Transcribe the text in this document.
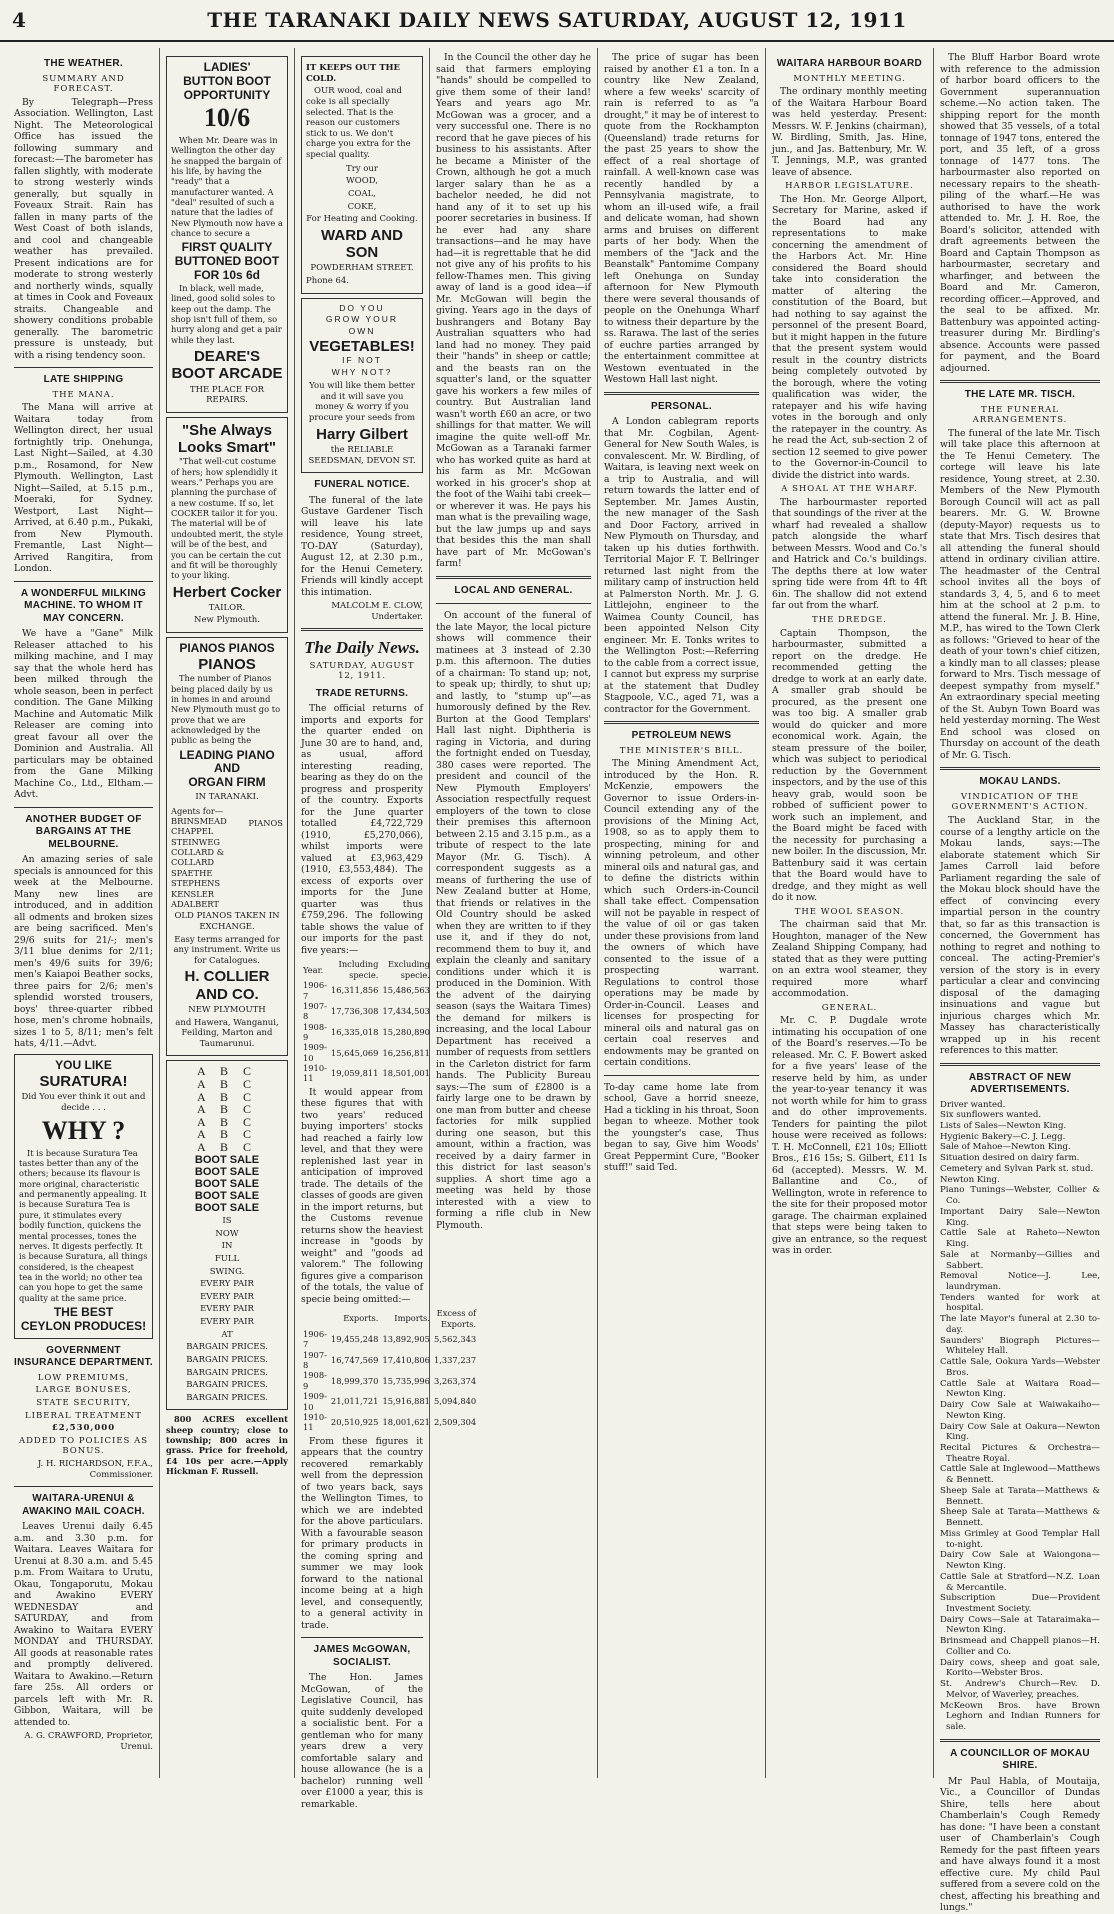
4	THE TARANAKI DAILY NEWS SATURDAY, AUGUST 12, 1911
THE WEATHER.
SUMMARY AND FORECAST.

By Telegraph—Press Association. Wellington, Last Night. The Meteorological Office has issued the following summary and forecast:—The barometer has fallen slightly, with moderate to strong westerly winds generally, but squally in Foveaux Strait. Rain has fallen in many parts of the West Coast of both islands, and cool and changeable weather has prevailed. Present indications are for moderate to strong westerly and northerly winds, squally at times in Cook and Foveaux straits. Changeable and showery conditions probable generally. The barometric pressure is unsteady, but with a rising tendency soon.

LATE SHIPPING
THE MANA.

The Mana will arrive at Waitara today from Wellington direct, her usual fortnightly trip. Onehunga, Last Night—Sailed, at 4.30 p.m., Rosamond, for New Plymouth. Wellington, Last Night—Sailed, at 5.15 p.m., Moeraki, for Sydney. Westport, Last Night—Arrived, at 6.40 p.m., Pukaki, from New Plymouth. Fremantle, Last Night—Arrived Rangitira, from London.

A WONDERFUL MILKING MACHINE. TO WHOM IT MAY CONCERN.

We have a "Gane" Milk Releaser attached to his milking machine, and I may say that the whole herd has been milked through the whole season, been in perfect condition. The Gane Milking Machine and Automatic Milk Releaser are coming into great favour all over the Dominion and Australia. All particulars may be obtained from the Gane Milking Machine Co., Ltd., Eltham.—Advt.

ANOTHER BUDGET OF BARGAINS AT THE MELBOURNE.

An amazing series of sale specials is announced for this week at the Melbourne. Many new lines are introduced, and in addition all odments and broken sizes are being sacrificed. Men's 29/6 suits for 21/-; men's 3/11 blue denims for 2/11; men's 49/6 suits for 39/6; men's Kaiapoi Beather socks, three pairs for 2/6; men's splendid worsted trousers, boys' three-quarter ribbed hose, men's chrome hobnails, sizes 1 to 5, 8/11; men's felt hats, 4/11.—Advt.

YOU LIKE
SURATURA!
Did You ever think it out and decide . . .
WHY ?

It is because Suratura Tea tastes better than any of the others; because its flavour is more original, characteristic and permanently appealing. It is because Suratura Tea is pure, it stimulates every bodily function, quickens the mental processes, tones the nerves. It digests perfectly. It is because Suratura, all things considered, is the cheapest tea in the world; no other tea can you hope to get the same quality at the same price.

THE BEST
CEYLON PRODUCES!
GOVERNMENT INSURANCE DEPARTMENT.
LOW PREMIUMS,
LARGE BONUSES,
STATE SECURITY,
LIBERAL TREATMENT
£2,530,000
ADDED TO POLICIES AS BONUS.
J. H. RICHARDSON, F.F.A., Commissioner.
WAITARA-URENUI & AWAKINO MAIL COACH.

Leaves Urenui daily 6.45 a.m. and 3.30 p.m. for Waitara. Leaves Waitara for Urenui at 8.30 a.m. and 5.45 p.m. From Waitara to Urutu, Okau, Tongaporutu, Mokau and Awakino EVERY WEDNESDAY and SATURDAY, and from Awakino to Waitara EVERY MONDAY and THURSDAY. All goods at reasonable rates and promptly delivered. Waitara to Awakino.—Return fare 25s. All orders or parcels left with Mr. R. Gibbon, Waitara, will be attended to.

A. G. CRAWFORD, Proprietor, Urenui.
LADIES'
BUTTON BOOT
OPPORTUNITY
10/6

When Mr. Deare was in Wellington the other day he snapped the bargain of his life, by having the "ready" that a manufacturer wanted. A "deal" resulted of such a nature that the ladies of New Plymouth now have a chance to secure a

FIRST QUALITY
BUTTONED BOOT
FOR 10s 6d

In black, well made, lined, good solid soles to keep out the damp. The shop isn't full of them, so hurry along and get a pair while they last.

DEARE'S
BOOT ARCADE
THE PLACE FOR REPAIRS.
"She Always
Looks Smart"

"That well-cut costume of hers; how splendidly it wears." Perhaps you are planning the purchase of a new costume. If so, let COCKER tailor it for you. The material will be of undoubted merit, the style will be of the best, and you can be certain the cut and fit will be thoroughly to your liking.

Herbert Cocker
TAILOR.
New Plymouth.
PIANOS PIANOS
PIANOS

The number of Pianos being placed daily by us in homes in and around New Plymouth must go to prove that we are acknowledged by the public as being the

LEADING PIANO AND
ORGAN FIRM
IN TARANAKI.
Agents for—
BRINSMEAD
CHAPPEL
STEINWEG
COLLARD & COLLARD
SPAETHE
STEPHENS
KENSLER
ADALBERT
PIANOS
OLD PIANOS TAKEN IN EXCHANGE.
Easy terms arranged for any instrument. Write us for Catalogues.
H. COLLIER AND CO.
NEW PLYMOUTH
and Hawera, Wanganui, Feilding, Marton and Taumarunui.
A B C
A B C
A B C
A B C
A B C
A B C
A B C
BOOT SALE
BOOT SALE
BOOT SALE
BOOT SALE
BOOT SALE
IS
NOW
IN
FULL
SWING.
EVERY PAIR
EVERY PAIR
EVERY PAIR
EVERY PAIR
AT
BARGAIN PRICES.
BARGAIN PRICES.
BARGAIN PRICES.
BARGAIN PRICES.
BARGAIN PRICES.

800 ACRES excellent sheep country; close to township; 800 acres in grass. Price for freehold, £4 10s per acre.—Apply Hickman F. Russell.

IT KEEPS OUT THE COLD.

OUR wood, coal and coke is all specially selected. That is the reason our customers stick to us. We don't charge you extra for the special quality.

Try our
WOOD,
COAL,
COKE,
For Heating and Cooking.
WARD AND SON
POWDERHAM STREET.
Phone 64.
DO YOU
GROW YOUR
OWN
VEGETABLES!
IF NOT
WHY NOT?
You will like them better and it will save you money & worry if you procure your seeds from
Harry Gilbert
the RELIABLE SEEDSMAN, DEVON ST.
FUNERAL NOTICE.

The funeral of the late Gustave Gardener Tisch will leave his late residence, Young street, TO-DAY (Saturday), August 12, at 2.30 p.m., for the Henui Cemetery. Friends will kindly accept this intimation.

MALCOLM E. CLOW, Undertaker.
The Daily News.
SATURDAY, AUGUST 12, 1911.
TRADE RETURNS.

The official returns of imports and exports for the quarter ended on June 30 are to hand, and, as usual, afford interesting reading, bearing as they do on the progress and prosperity of the country. Exports for the June quarter totalled £4,722,729 (1910, £5,270,066), whilst imports were valued at £3,963,429 (1910, £3,553,484). The excess of exports over imports for the June quarter was thus £759,296. The following table shows the value of our imports for the past five years:—

Year.	Including specie.	Excluding specie.
1906-7	16,311,856	15,486,563
1907-8	17,736,308	17,434,503
1908-9	16,335,018	15,280,890
1909-10	15,645,069	16,256,811
1910-11	19,059,811	18,501,001

It would appear from these figures that with two years' reduced buying importers' stocks had reached a fairly low level, and that they were replenished last year in anticipation of improved trade. The details of the classes of goods are given in the import returns, but the Customs revenue returns show the heaviest increase in "goods by weight" and "goods ad valorem." The following figures give a comparison of the totals, the value of specie being omitted:—

	Exports.	Imports.	Excess of Exports.
1906-7	19,455,248	13,892,905	5,562,343
1907-8	16,747,569	17,410,806	1,337,237
1908-9	18,999,370	15,735,996	3,263,374
1909-10	21,011,721	15,916,881	5,094,840
1910-11	20,510,925	18,001,621	2,509,304

From these figures it appears that the country recovered remarkably well from the depression of two years back, says the Wellington Times, to which we are indebted for the above particulars. With a favourable season for primary products in the coming spring and summer we may look forward to the national income being at a high level, and consequently, to a general activity in trade.

JAMES McGOWAN, SOCIALIST.

The Hon. James McGowan, of the Legislative Council, has quite suddenly developed a socialistic bent. For a gentleman who for many years drew a very comfortable salary and house allowance (he is a bachelor) running well over £1000 a year, this is remarkable.

In the Council the other day he said that farmers employing "hands" should be compelled to give them some of their land! Years and years ago Mr. McGowan was a grocer, and a very successful one. There is no record that he gave pieces of his business to his assistants. After he became a Minister of the Crown, although he got a much larger salary than he as a bachelor needed, he did not hand any of it to set up his poorer secretaries in business. If he ever had any share transactions—and he may have had—it is regrettable that he did not give any of his profits to his fellow-Thames men. This giving away of land is a good idea—if Mr. McGowan will begin the giving. Years ago in the days of bushrangers and Botany Bay Australian squatters who had land had no money. They paid their "hands" in sheep or cattle; and the beasts ran on the squatter's land, or the squatter gave his workers a few miles of country. But Australian land wasn't worth £60 an acre, or two shillings for that matter. We will imagine the quite well-off Mr. McGowan as a Taranaki farmer who has worked quite as hard at his farm as Mr. McGowan worked in his grocer's shop at the foot of the Waihi tabi creek—or wherever it was. He pays his man what is the prevailing wage, but the law jumps up and says that besides this the man shall have part of Mr. McGowan's farm!

LOCAL AND GENERAL.

On account of the funeral of the late Mayor, the local picture shows will commence their matinees at 3 instead of 2.30 p.m. this afternoon. The duties of a chairman: To stand up; not, to speak up; thirdly, to shut up; and lastly, to "stump up"—as humorously defined by the Rev. Burton at the Good Templars' Hall last night. Diphtheria is raging in Victoria, and during the fortnight ended on Tuesday, 380 cases were reported. The president and council of the New Plymouth Employers' Association respectfully request employers of the town to close their premises this afternoon between 2.15 and 3.15 p.m., as a tribute of respect to the late Mayor (Mr. G. Tisch). A correspondent suggests as a means of furthering the use of New Zealand butter at Home, that friends or relatives in the Old Country should be asked when they are written to if they use it, and if they do not, recommend them to buy it, and explain the cleanly and sanitary conditions under which it is produced in the Dominion. With the advent of the dairying season (says the Waitara Times) the demand for milkers is increasing, and the local Labour Department has received a number of requests from settlers in the Carleton district for farm hands. The Publicity Bureau says:—The sum of £2800 is a fairly large one to be drawn by one man from butter and cheese factories for milk supplied during one season, but this amount, within a fraction, was received by a dairy farmer in this district for last season's supplies. A short time ago a meeting was held by those interested with a view to forming a rifle club in New Plymouth.

The price of sugar has been raised by another £1 a ton. In a country like New Zealand, where a few weeks' scarcity of rain is referred to as "a drought," it may be of interest to quote from the Rockhampton (Queensland) trade returns for the past 25 years to show the effect of a real shortage of rainfall. A well-known case was recently handled by a Pennsylvania magistrate, to whom an ill-used wife, a frail and delicate woman, had shown arms and bruises on different parts of her body. When the members of the "Jack and the Beanstalk" Pantomime Company left Onehunga on Sunday afternoon for New Plymouth there were several thousands of people on the Onehunga Wharf to witness their departure by the ss. Rarawa. The last of the series of euchre parties arranged by the entertainment committee at Westown eventuated in the Westown Hall last night.

PERSONAL.

A London cablegram reports that Mr. Cogbilan, Agent-General for New South Wales, is convalescent. Mr. W. Birdling, of Waitara, is leaving next week on a trip to Australia, and will return towards the latter end of September. Mr. James Austin, the new manager of the Sash and Door Factory, arrived in New Plymouth on Thursday, and taken up his duties forthwith. Territorial Major F. T. Bellringer returned last night from the military camp of instruction held at Palmerston North. Mr. J. G. Littlejohn, engineer to the Waimea County Council, has been appointed Nelson City engineer. Mr. E. Tonks writes to the Wellington Post:—Referring to the cable from a correct issue, I cannot but express my surprise at the statement that Dudley Stagpoole, V.C., aged 71, was a contractor for the Government.

PETROLEUM NEWS
THE MINISTER'S BILL.

The Mining Amendment Act, introduced by the Hon. R. McKenzie, empowers the Governor to issue Orders-in-Council extending any of the provisions of the Mining Act, 1908, so as to apply them to prospecting, mining for and winning petroleum, and other mineral oils and natural gas, and to define the districts within which such Orders-in-Council shall take effect. Compensation will not be payable in respect of the value of oil or gas taken under these provisions from land the owners of which have consented to the issue of a prospecting warrant. Regulations to control those operations may be made by Order-in-Council. Leases and licenses for prospecting for mineral oils and natural gas on certain coal reserves and endowments may be granted on certain conditions.

To-day came home late from school, Gave a horrid sneeze, Had a tickling in his throat, Soon began to wheeze. Mother took the youngster's case, Thus began to say, Give him Woods' Great Peppermint Cure, "Booker stuff!" said Ted.

WAITARA HARBOUR BOARD
MONTHLY MEETING.

The ordinary monthly meeting of the Waitara Harbour Board was held yesterday. Present: Messrs. W. F. Jenkins (chairman), W. Birdling, Smith, Jas. Hine, jun., and Jas. Battenbury, Mr. W. T. Jennings, M.P., was granted leave of absence.

HARBOR LEGISLATURE.

The Hon. Mr. George Allport, Secretary for Marine, asked if the Board had any representations to make concerning the amendment of the Harbors Act. Mr. Hine considered the Board should take into consideration the matter of altering the constitution of the Board, but had nothing to say against the personnel of the present Board, but it might happen in the future that the present system would result in the country districts being completely outvoted by the borough, where the voting qualification was wider, the ratepayer and his wife having votes in the borough and only the ratepayer in the country. As he read the Act, sub-section 2 of section 12 seemed to give power to the Governor-in-Council to divide the district into wards.

A SHOAL AT THE WHARF.

The harbourmaster reported that soundings of the river at the wharf had revealed a shallow patch alongside the wharf between Messrs. Wood and Co.'s and Hatrick and Co.'s buildings. The depths there at low water spring tide were from 4ft to 4ft 6in. The shallow did not extend far out from the wharf.

THE DREDGE.

Captain Thompson, the harbourmaster, submitted a report on the dredge. He recommended getting the dredge to work at an early date. A smaller grab should be procured, as the present one was too big. A smaller grab would do quicker and more economical work. Again, the steam pressure of the boiler, which was subject to periodical reduction by the Government inspectors, and by the use of this heavy grab, would soon be robbed of sufficient power to work such an implement, and the Board might be faced with the necessity for purchasing a new boiler. In the discussion, Mr. Battenbury said it was certain that the Board would have to dredge, and they might as well do it now.

THE WOOL SEASON.

The chairman said that Mr. Houghton, manager of the New Zealand Shipping Company, had stated that as they were putting on an extra wool steamer, they required more wharf accommodation.

GENERAL.

Mr. C. P. Dugdale wrote intimating his occupation of one of the Board's reserves.—To be released. Mr. C. F. Bowert asked for a five years' lease of the reserve held by him, as under the year-to-year tenancy it was not worth while for him to grass and do other improvements. Tenders for painting the pilot house were received as follows: T. H. McConnell, £21 10s; Elliott Bros., £16 15s; S. Gilbert, £11 Is 6d (accepted). Messrs. W. M. Ballantine and Co., of Wellington, wrote in reference to the site for their proposed motor garage. The chairman explained that steps were being taken to give an entrance, so the request was in order.

The Bluff Harbor Board wrote with reference to the admission of harbor board officers to the Government superannuation scheme.—No action taken. The shipping report for the month showed that 35 vessels, of a total tonnage of 1947 tons, entered the port, and 35 left, of a gross tonnage of 1477 tons. The harbourmaster also reported on necessary repairs to the sheath-piling of the wharf.—He was authorised to have the work attended to. Mr. J. H. Roe, the Board's solicitor, attended with draft agreements between the Board and Captain Thompson as harbourmaster, secretary and wharfinger, and between the Board and Mr. Cameron, recording officer.—Approved, and the seal to be affixed. Mr. Battenbury was appointed acting-treasurer during Mr. Birdling's absence. Accounts were passed for payment, and the Board adjourned.

THE LATE MR. TISCH.
THE FUNERAL ARRANGEMENTS.

The funeral of the late Mr. Tisch will take place this afternoon at the Te Henui Cemetery. The cortege will leave his late residence, Young street, at 2.30. Members of the New Plymouth Borough Council will act as pall bearers. Mr. G. W. Browne (deputy-Mayor) requests us to state that Mrs. Tisch desires that all attending the funeral should attend in ordinary civilian attire. The headmaster of the Central school invites all the boys of standards 3, 4, 5, and 6 to meet him at the school at 2 p.m. to attend the funeral. Mr. J. B. Hine, M.P., has wired to the Town Clerk as follows: "Grieved to hear of the death of your town's chief citizen, a kindly man to all classes; please forward to Mrs. Tisch message of deepest sympathy from myself." An extraordinary special meeting of the St. Aubyn Town Board was held yesterday morning. The West End school was closed on Thursday on account of the death of Mr. G. Tisch.

MOKAU LANDS.
VINDICATION OF THE GOVERNMENT'S ACTION.

The Auckland Star, in the course of a lengthy article on the Mokau lands, says:—The elaborate statement which Sir James Carroll laid before Parliament regarding the sale of the Mokau block should have the effect of convincing every impartial person in the country that, so far as this transaction is concerned, the Government has nothing to regret and nothing to conceal. The acting-Premier's version of the story is in every particular a clear and convincing disposal of the damaging insinuations and vague but injurious charges which Mr. Massey has characteristically wrapped up in his recent references to this matter.

ABSTRACT OF NEW ADVERTISEMENTS.
Driver wanted.
Six sunflowers wanted.
Lists of Sales—Newton King.
Hygienic Bakery—C. J. Legg.
Sale of Mahoe—Newton King.
Situation desired on dairy farm.
Cemetery and Sylvan Park st. stud.
Newton King.
Piano Tunings—Webster, Collier & Co.
Important Dairy Sale—Newton King.
Cattle Sale at Raheto—Newton King.
Sale at Normanby—Gillies and Sabbert.
Removal Notice—J. Lee, laundryman.
Tenders wanted for work at hospital.
The late Mayor's funeral at 2.30 to-day.
Saunders' Biograph Pictures—Whiteley Hall.
Cattle Sale, Ookura Yards—Webster Bros.
Cattle Sale at Waitara Road—Newton King.
Dairy Cow Sale at Waiwakaiho—Newton King.
Dairy Cow Sale at Oakura—Newton King.
Recital Pictures & Orchestra—Theatre Royal.
Cattle Sale at Inglewood—Matthews & Bennett.
Sheep Sale at Tarata—Matthews & Bennett.
Sheep Sale at Tarata—Matthews & Bennett.
Miss Grimley at Good Templar Hall to-night.
Dairy Cow Sale at Waiongona—Newton King.
Cattle Sale at Stratford—N.Z. Loan & Mercantile.
Subscription Due—Provident Investment Society.
Dairy Cows—Sale at Tataraimaka—Newton King.
Brinsmead and Chappell pianos—H. Collier and Co.
Dairy cows, sheep and goat sale, Korito—Webster Bros.
St. Andrew's Church—Rev. D. Melvor, of Waverley, preaches.
McKeown Bros. have Brown Leghorn and Indian Runners for sale.
A COUNCILLOR OF MOKAU SHIRE.

Mr Paul Habla, of Moutaija, Vic., a Councillor of Dundas Shire, tells here about Chamberlain's Cough Remedy has done: "I have been a constant user of Chamberlain's Cough Remedy for the past fifteen years and have always found it a most effective cure. My child Paul suffered from a severe cold on the chest, affecting his breathing and lungs."
